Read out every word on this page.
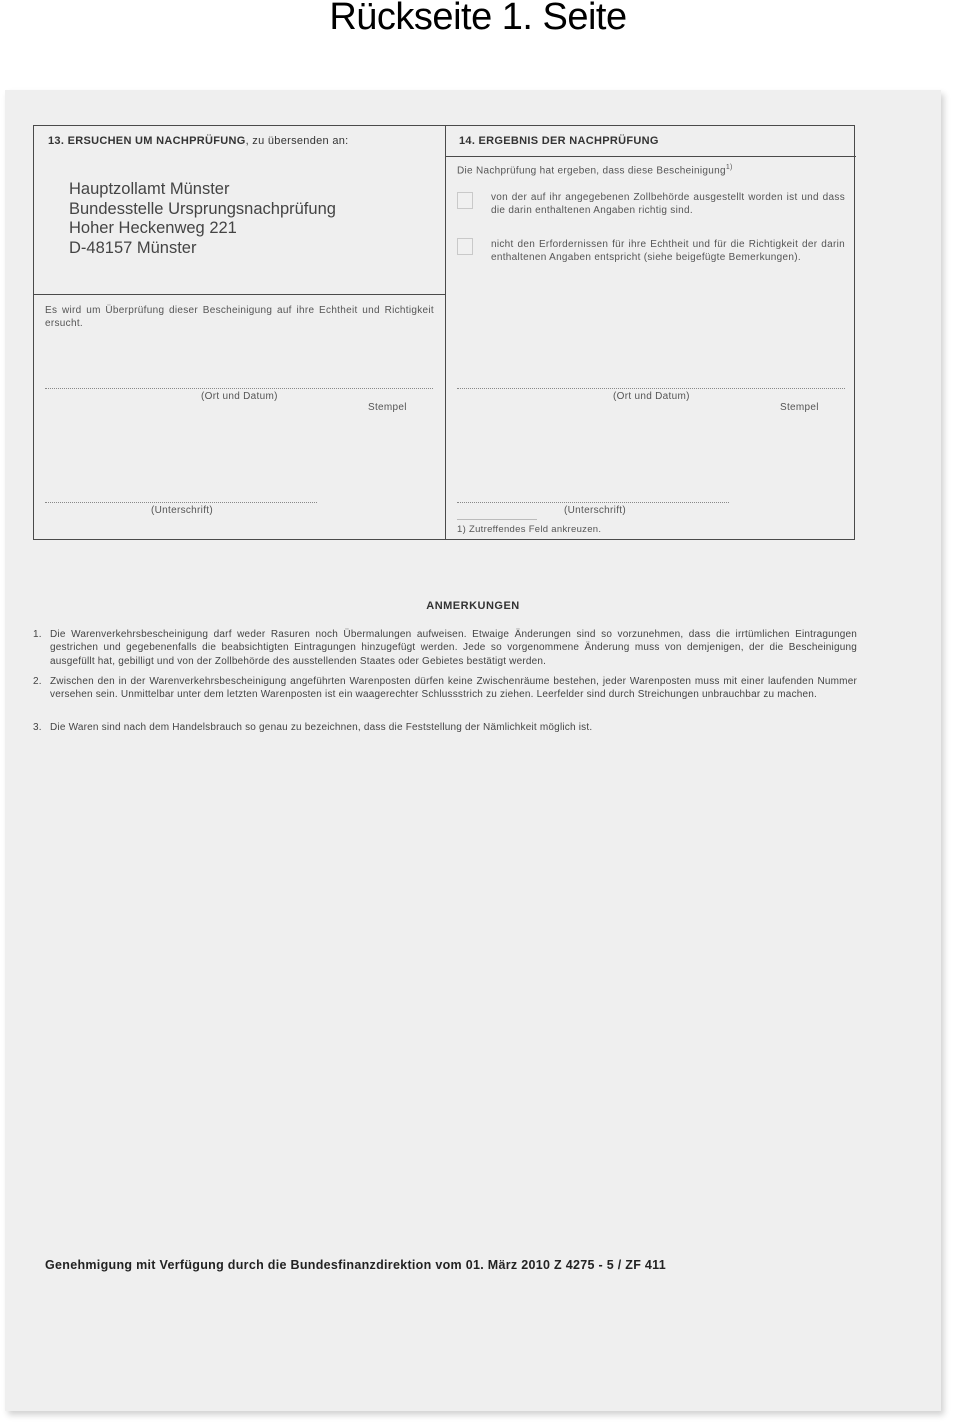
Rückseite 1. Seite
13. ERSUCHEN UM NACHPRÜFUNG, zu übersenden an:
Hauptzollamt Münster
Bundesstelle Ursprungsnachprüfung
Hoher Heckenweg 221
D-48157 Münster
Es wird um Überprüfung dieser Bescheinigung auf ihre Echtheit und Richtigkeit ersucht.
(Ort und Datum)
Stempel
(Unterschrift)
14. ERGEBNIS DER NACHPRÜFUNG
Die Nachprüfung hat ergeben, dass diese Bescheinigung$^{1)}$
von der auf ihr angegebenen Zollbehörde ausgestellt worden ist und dass die darin enthaltenen Angaben richtig sind.
nicht den Erfordernissen für ihre Echtheit und für die Richtigkeit der darin enthaltenen Angaben entspricht (siehe beigefügte Bemerkungen).
(Ort und Datum)
Stempel
(Unterschrift)
1) Zutreffendes Feld ankreuzen.
ANMERKUNGEN
1. Die Warenverkehrsbescheinigung darf weder Rasuren noch Übermalungen aufweisen. Etwaige Änderungen sind so vorzunehmen, dass die irrtümlichen Eintragungen gestrichen und gegebenenfalls die beabsichtigten Eintragungen hinzugefügt werden. Jede so vorgenommene Änderung muss von demjenigen, der die Bescheinigung ausgefüllt hat, gebilligt und von der Zollbehörde des ausstellenden Staates oder Gebietes bestätigt werden.
2. Zwischen den in der Warenverkehrsbescheinigung angeführten Warenposten dürfen keine Zwischenräume bestehen, jeder Warenposten muss mit einer laufenden Nummer versehen sein. Unmittelbar unter dem letzten Warenposten ist ein waagerechter Schlussstrich zu ziehen. Leerfelder sind durch Streichungen unbrauchbar zu machen.
3. Die Waren sind nach dem Handelsbrauch so genau zu bezeichnen, dass die Feststellung der Nämlichkeit möglich ist.
Genehmigung mit Verfügung durch die Bundesfinanzdirektion vom 01. März 2010 Z 4275 - 5 / ZF 411
